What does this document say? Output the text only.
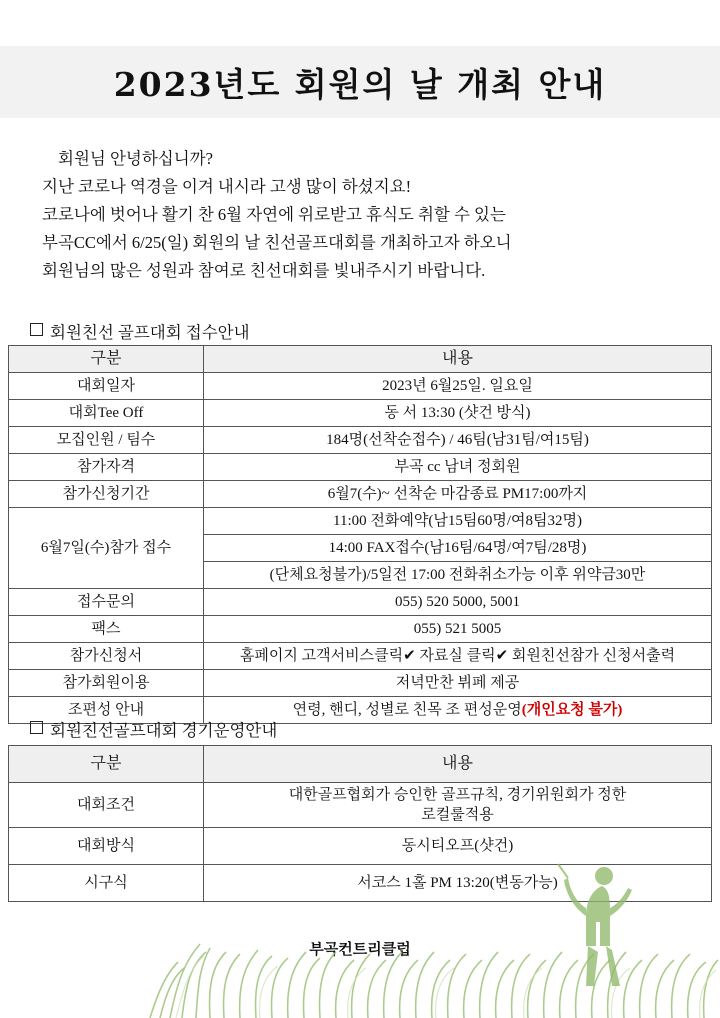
2023년도 회원의 날 개최 안내
회원님 안녕하십니까?
지난 코로나 역경을 이겨 내시라 고생 많이 하셨지요!
코로나에 벗어나 활기 찬 6월 자연에 위로받고 휴식도 취할 수 있는
부곡CC에서 6/25(일) 회원의 날 친선골프대회를 개최하고자 하오니
회원님의 많은 성원과 참여로 친선대회를 빛내주시기 바랍니다.
회원친선 골프대회 접수안내
구분	내용
대회일자	2023년 6월25일. 일요일
대회Tee Off	동 서 13:30 (샷건 방식)
모집인원 / 팀수	184명(선착순접수) / 46팀(남31팀/여15팀)
참가자격	부곡 cc 남녀 정회원
참가신청기간	6월7(수)~ 선착순 마감종료 PM17:00까지
6월7일(수)참가 접수	11:00 전화예약(남15팀60명/여8팀32명)
	14:00 FAX접수(남16팀/64명/여7팀/28명)
	(단체요청불가)/5일전 17:00 전화취소가능 이후 위약금30만
접수문의	055) 520 5000, 5001
팩스	055) 521 5005
참가신청서	홈페이지 고객서비스클릭✔ 자료실 클릭✔ 회원친선참가 신청서출력
참가회원이용	저녁만찬 뷔페 제공
조편성 안내	연령, 핸디, 성별로 친목 조 편성운영(개인요청 불가)
회원친선골프대회 경기운영안내
구분	내용
대회조건	대한골프협회가 승인한 골프규칙, 경기위원회가 정한
로컬룰적용

대회방식	동시티오프(샷건)
시구식	서코스 1홀 PM 13:20(변동가능)
부곡컨트리클럽
